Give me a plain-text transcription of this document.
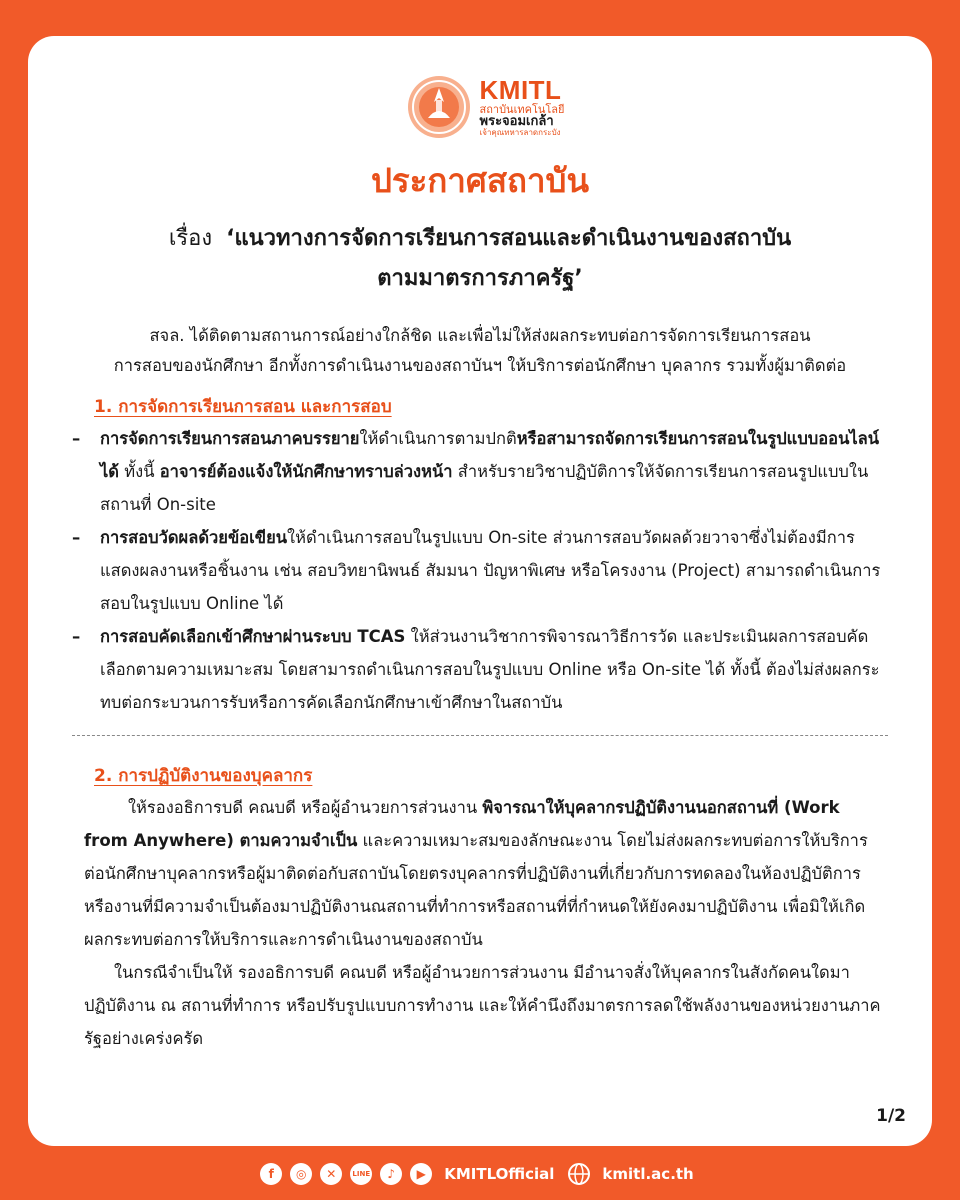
KMITL
สถาบันเทคโนโลยี
พระจอมเกล้า
เจ้าคุณทหารลาดกระบัง
ประกาศสถาบัน
เรื่อง ‘แนวทางการจัดการเรียนการสอนและดำเนินงานของสถาบัน
ตามมาตรการภาครัฐ’
สจล. ได้ติดตามสถานการณ์อย่างใกล้ชิด และเพื่อไม่ให้ส่งผลกระทบต่อการจัดการเรียนการสอน
การสอบของนักศึกษา อีกทั้งการดำเนินงานของสถาบันฯ ให้บริการต่อนักศึกษา บุคลากร รวมทั้งผู้มาติดต่อ
1. การจัดการเรียนการสอน และการสอบ
–	การจัดการเรียนการสอนภาคบรรยายให้ดำเนินการตามปกติหรือสามารถจัดการเรียนการสอนในรูปแบบออนไลน์ได้ ทั้งนี้ อาจารย์ต้องแจ้งให้นักศึกษาทราบล่วงหน้า สำหรับรายวิชาปฏิบัติการให้จัดการเรียนการสอนรูปแบบในสถานที่ On-site
–	การสอบวัดผลด้วยข้อเขียนให้ดำเนินการสอบในรูปแบบ On-site ส่วนการสอบวัดผลด้วยวาจาซึ่งไม่ต้องมีการแสดงผลงานหรือชิ้นงาน เช่น สอบวิทยานิพนธ์ สัมมนา ปัญหาพิเศษ หรือโครงงาน (Project) สามารถดำเนินการสอบในรูปแบบ Online ได้
–	การสอบคัดเลือกเข้าศึกษาผ่านระบบ TCAS ให้ส่วนงานวิชาการพิจารณาวิธีการวัด และประเมินผลการสอบคัดเลือกตามความเหมาะสม โดยสามารถดำเนินการสอบในรูปแบบ Online หรือ On-site ได้ ทั้งนี้ ต้องไม่ส่งผลกระทบต่อกระบวนการรับหรือการคัดเลือกนักศึกษาเข้าศึกษาในสถาบัน
2. การปฏิบัติงานของบุคลากร
ให้รองอธิการบดี คณบดี หรือผู้อำนวยการส่วนงาน พิจารณาให้บุคลากรปฏิบัติงานนอกสถานที่ (Work from Anywhere) ตามความจำเป็น และความเหมาะสมของลักษณะงาน โดยไม่ส่งผลกระทบต่อการให้บริการต่อนักศึกษาบุคลากรหรือผู้มาติดต่อกับสถาบันโดยตรงบุคลากรที่ปฏิบัติงานที่เกี่ยวกับการทดลองในห้องปฏิบัติการหรืองานที่มีความจำเป็นต้องมาปฏิบัติงานณสถานที่ทำการหรือสถานที่ที่กำหนดให้ยังคงมาปฏิบัติงาน เพื่อมิให้เกิดผลกระทบต่อการให้บริการและการดำเนินงานของสถาบัน
ในกรณีจำเป็นให้ รองอธิการบดี คณบดี หรือผู้อำนวยการส่วนงาน มีอำนาจสั่งให้บุคลากรในสังกัดคนใดมาปฏิบัติงาน ณ สถานที่ทำการ หรือปรับรูปแบบการทำงาน และให้คำนึงถึงมาตรการลดใช้พลังงานของหน่วยงานภาครัฐอย่างเคร่งครัด
1/2
f	◎	✕	LINE	♪	▶	KMITLOfficial	kmitl.ac.th
